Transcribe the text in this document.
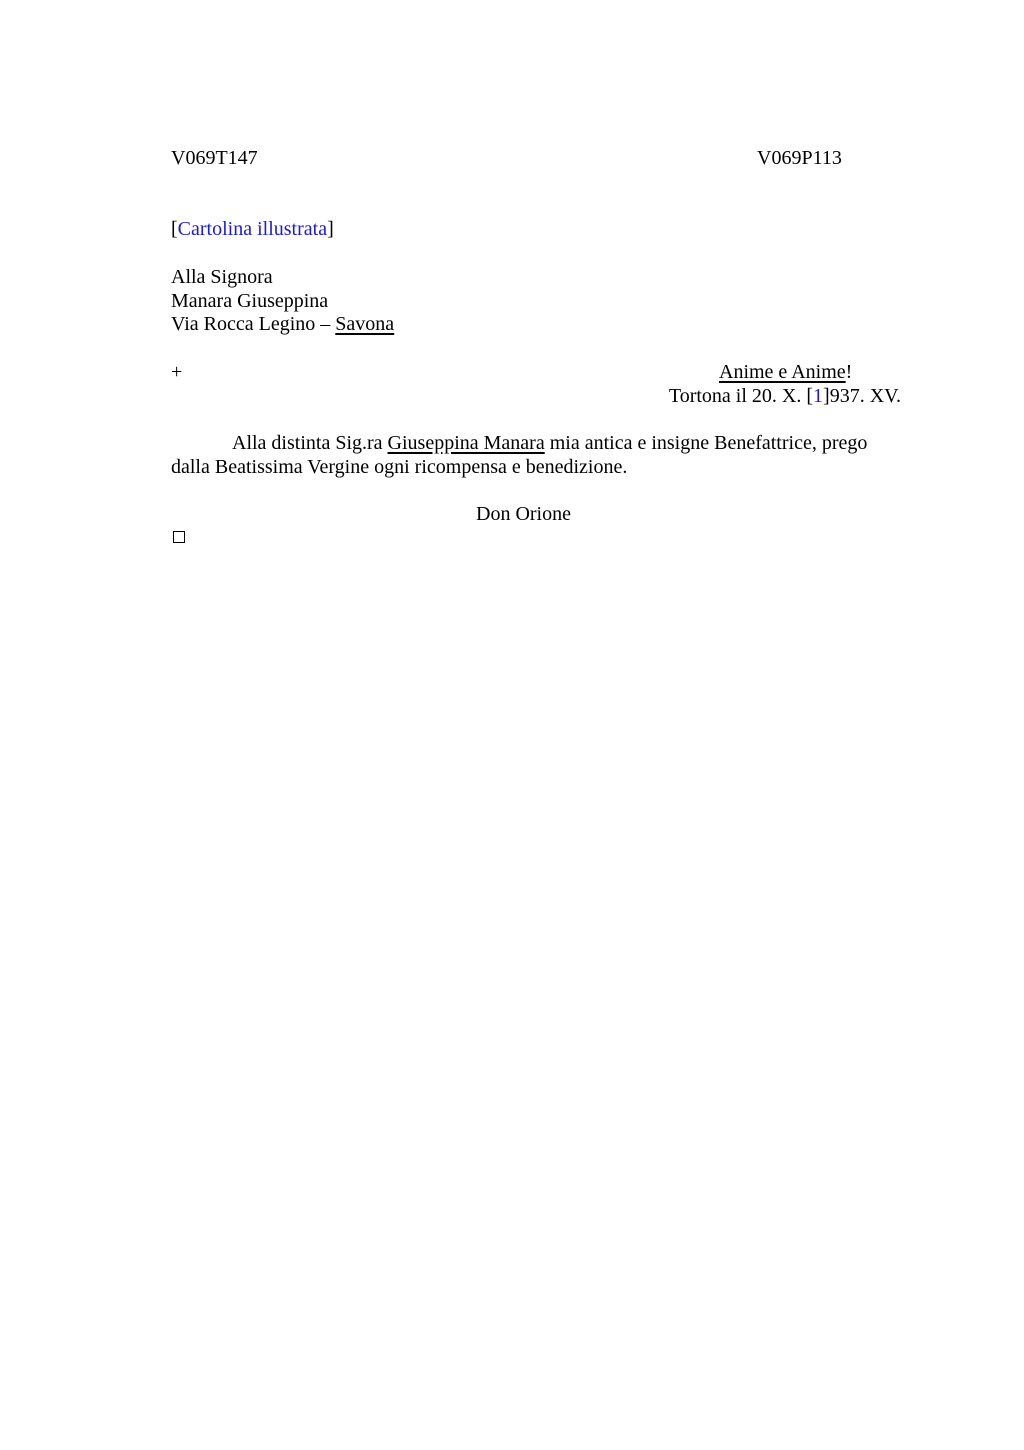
V069T147	V069P113
[Cartolina illustrata]
Alla Signora
Manara Giuseppina
Via Rocca Legino – Savona
+	Anime e Anime!
Tortona il 20. X. [1]937. XV.
Alla distinta Sig.ra Giuseppina Manara mia antica e insigne Benefattrice, prego dalla Beatissima Vergine ogni ricompensa e benedizione.
Don Orione
